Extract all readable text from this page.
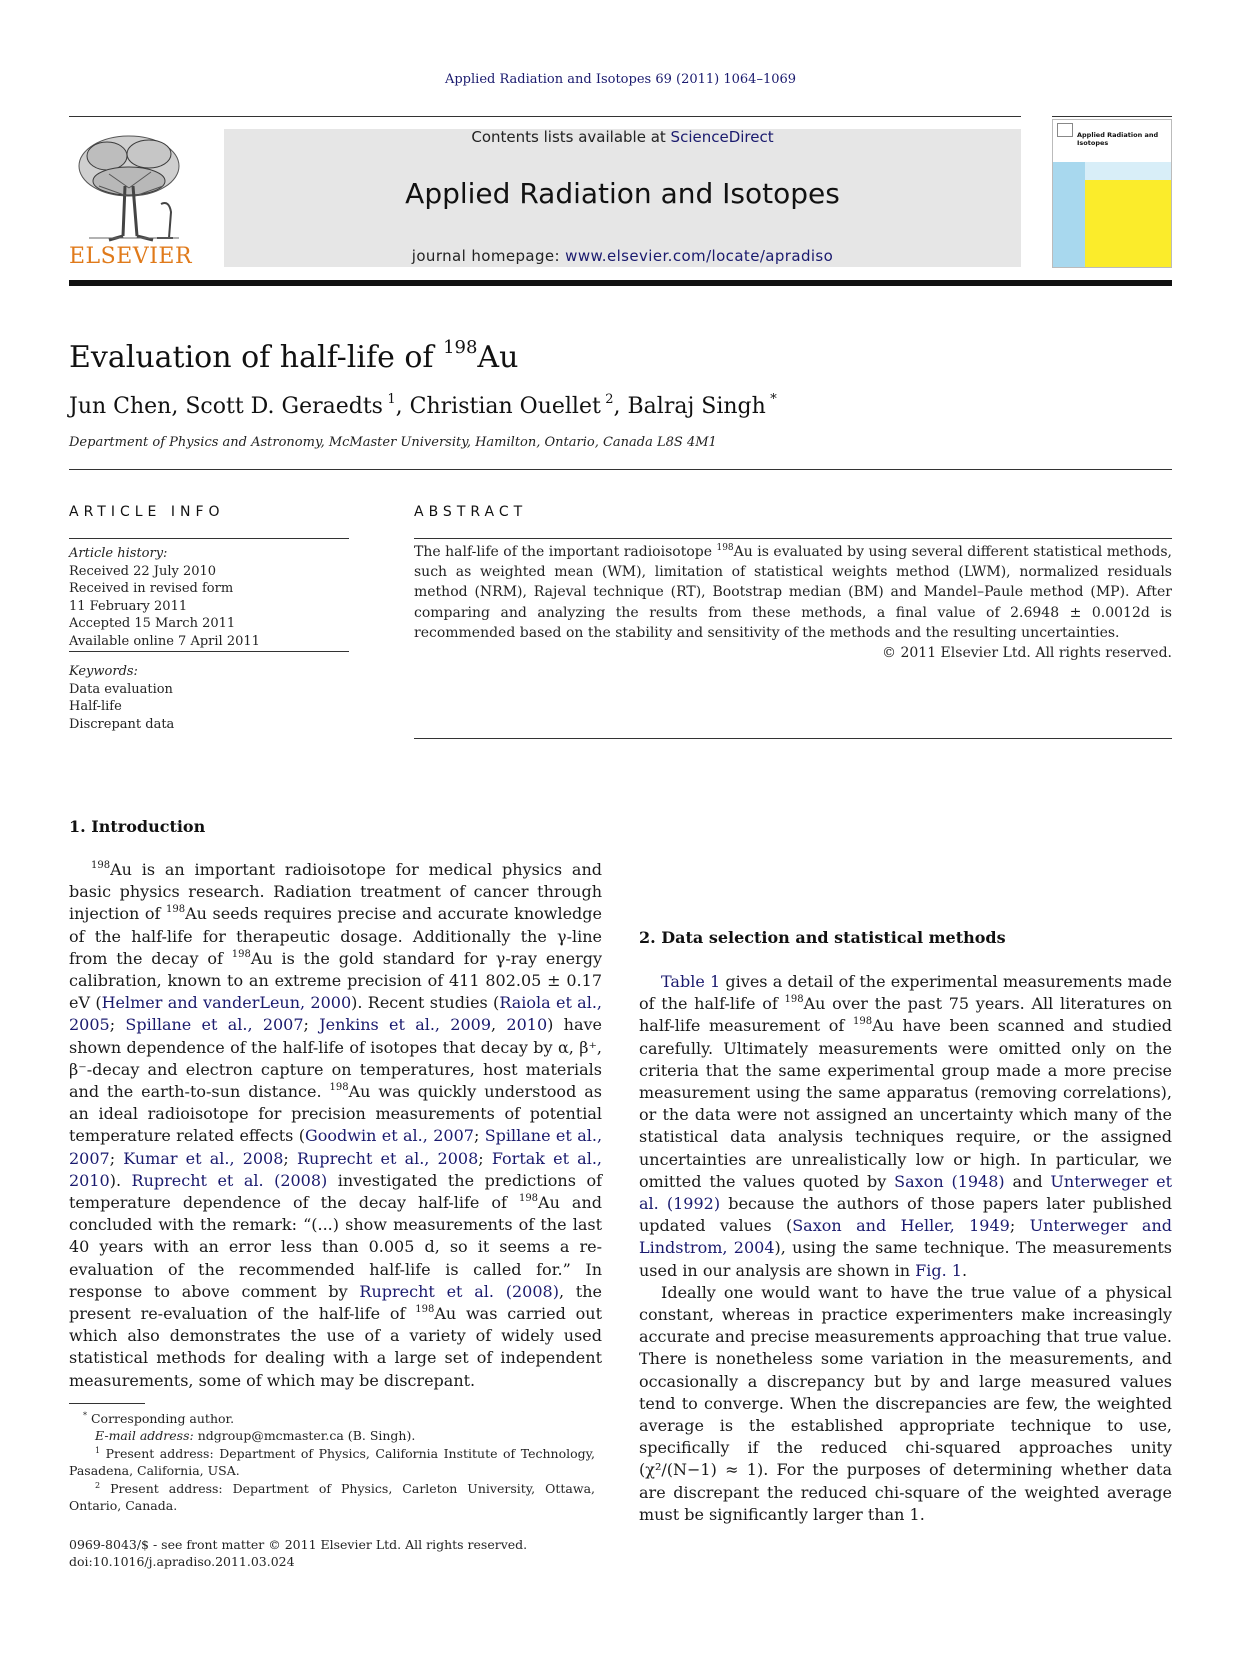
Applied Radiation and Isotopes 69 (2011) 1064–1069
ELSEVIER
Contents lists available at ScienceDirect
Applied Radiation and Isotopes
journal homepage: www.elsevier.com/locate/apradiso
Applied Radiation and Isotopes
Evaluation of half-life of $^{198}$Au
Jun Chen, Scott D. Geraedts  $^1$, Christian Ouellet  $^2$, Balraj Singh  *
Department of Physics and Astronomy, McMaster University, Hamilton, Ontario, Canada L8S 4M1
ARTICLE INFO	ABSTRACT
Article history:
Received 22 July 2010
Received in revised form
11 February 2011
Accepted 15 March 2011
Available online 7 April 2011
Keywords:
Data evaluation
Half-life
Discrepant data
The half-life of the important radioisotope $^{198}$Au is evaluated by using several different statistical methods, such as weighted mean (WM), limitation of statistical weights method (LWM), normalized residuals method (NRM), Rajeval technique (RT), Bootstrap median (BM) and Mandel–Paule method (MP). After comparing and analyzing the results from these methods, a final value of 2.6948 ± 0.0012d is recommended based on the stability and sensitivity of the methods and the resulting uncertainties.
© 2011 Elsevier Ltd. All rights reserved.
1. Introduction

$^{198}$Au is an important radioisotope for medical physics and basic physics research. Radiation treatment of cancer through injection of $^{198}$Au seeds requires precise and accurate knowledge of the half-life for therapeutic dosage. Additionally the γ-line from the decay of $^{198}$Au is the gold standard for γ-ray energy calibration, known to an extreme precision of 411 802.05 ± 0.17 eV (Helmer and vanderLeun, 2000). Recent studies (Raiola et al., 2005; Spillane et al., 2007; Jenkins et al., 2009, 2010) have shown dependence of the half-life of isotopes that decay by α, β⁺, β⁻-decay and electron capture on temperatures, host materials and the earth-to-sun distance. $^{198}$Au was quickly understood as an ideal radioisotope for precision measurements of potential temperature related effects (Goodwin et al., 2007; Spillane et al., 2007; Kumar et al., 2008; Ruprecht et al., 2008; Fortak et al., 2010). Ruprecht et al. (2008) investigated the predictions of temperature dependence of the decay half-life of $^{198}$Au and concluded with the remark: “(...) show measurements of the last 40 years with an error less than 0.005 d, so it seems a re-evaluation of the recommended half-life is called for.” In response to above comment by Ruprecht et al. (2008), the present re-evaluation of the half-life of $^{198}$Au was carried out which also demonstrates the use of a variety of widely used statistical methods for dealing with a large set of independent measurements, some of which may be discrepant.

2. Data selection and statistical methods

Table 1 gives a detail of the experimental measurements made of the half-life of $^{198}$Au over the past 75 years. All literatures on half-life measurement of $^{198}$Au have been scanned and studied carefully. Ultimately measurements were omitted only on the criteria that the same experimental group made a more precise measurement using the same apparatus (removing correlations), or the data were not assigned an uncertainty which many of the statistical data analysis techniques require, or the assigned uncertainties are unrealistically low or high. In particular, we omitted the values quoted by Saxon (1948) and Unterweger et al. (1992) because the authors of those papers later published updated values (Saxon and Heller, 1949; Unterweger and Lindstrom, 2004), using the same technique. The measurements used in our analysis are shown in Fig. 1.

Ideally one would want to have the true value of a physical constant, whereas in practice experimenters make increasingly accurate and precise measurements approaching that true value. There is nonetheless some variation in the measurements, and occasionally a discrepancy but by and large measured values tend to converge. When the discrepancies are few, the weighted average is the established appropriate technique to use, specifically if the reduced chi-squared approaches unity (χ²/(N−1) ≈ 1). For the purposes of determining whether data are discrepant the reduced chi-square of the weighted average must be significantly larger than 1.

* Corresponding author.

E-mail address: ndgroup@mcmaster.ca (B. Singh).

$^1$ Present address: Department of Physics, California Institute of Technology, Pasadena, California, USA.

$^2$ Present address: Department of Physics, Carleton University, Ottawa, Ontario, Canada.

0969-8043/$ - see front matter © 2011 Elsevier Ltd. All rights reserved.
doi:10.1016/j.apradiso.2011.03.024
